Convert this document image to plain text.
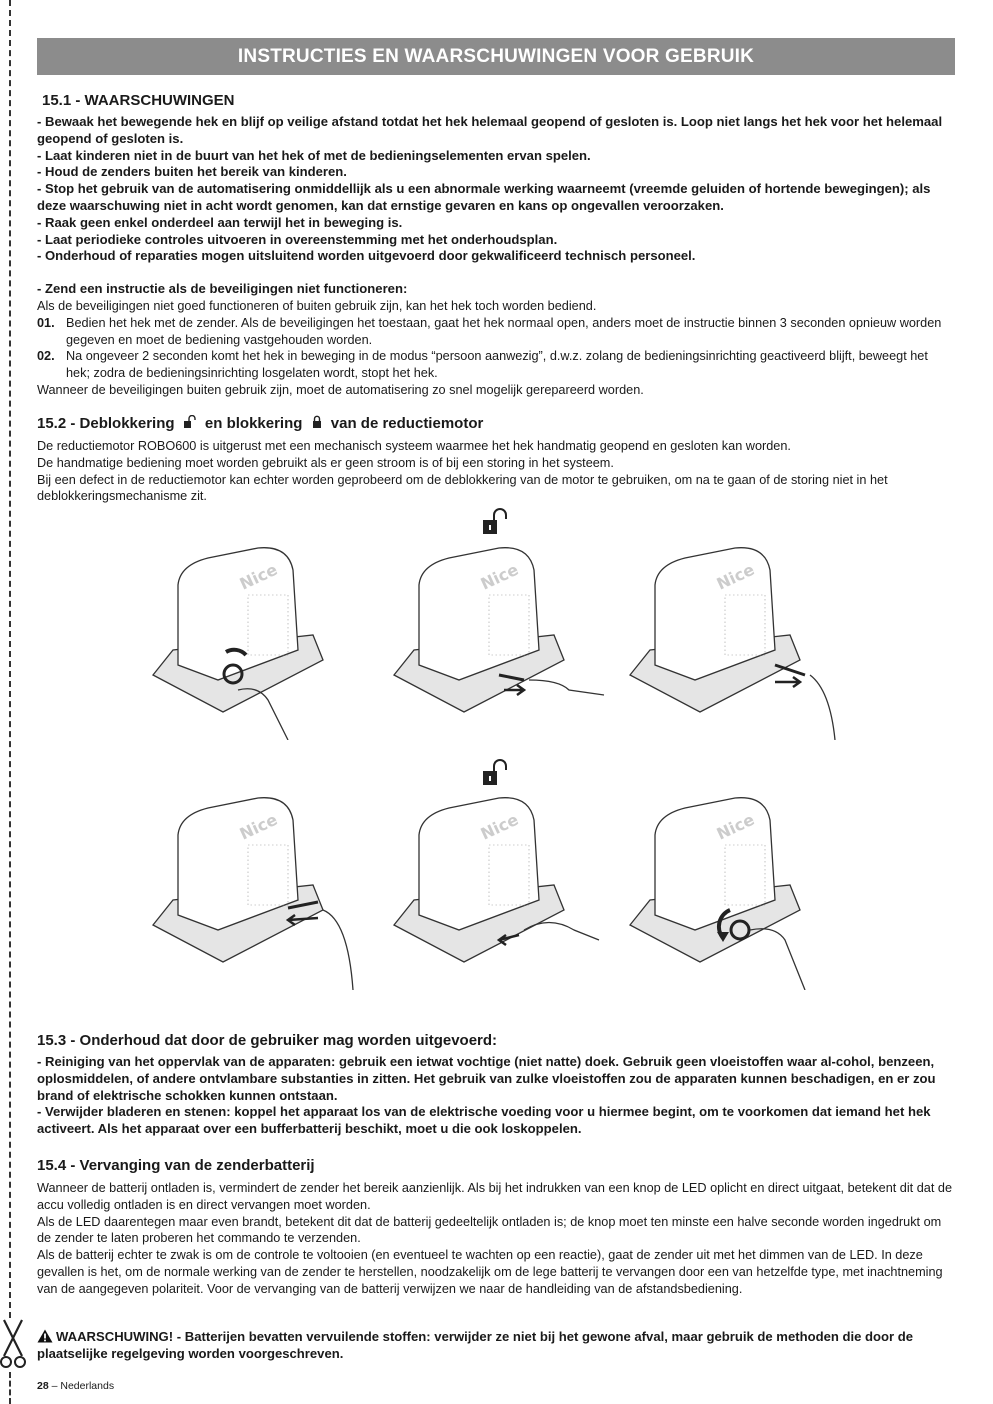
INSTRUCTIES EN WAARSCHUWINGEN VOOR GEBRUIK
15.1 - WAARSCHUWINGEN

- Bewaak het bewegende hek en blijf op veilige afstand totdat het hek helemaal geopend of gesloten is. Loop niet langs het hek voor het helemaal geopend of gesloten is.

- Laat kinderen niet in de buurt van het hek of met de bedieningselementen ervan spelen.

- Houd de zenders buiten het bereik van kinderen.

- Stop het gebruik van de automatisering onmiddellijk als u een abnormale werking waarneemt (vreemde geluiden of hortende bewegingen); als deze waarschuwing niet in acht wordt genomen, kan dat ernstige gevaren en kans op ongevallen veroorzaken.

- Raak geen enkel onderdeel aan terwijl het in beweging is.

- Laat periodieke controles uitvoeren in overeenstemming met het onderhoudsplan.

- Onderhoud of reparaties mogen uitsluitend worden uitgevoerd door gekwalificeerd technisch personeel.

- Zend een instructie als de beveiligingen niet functioneren:

Als de beveiligingen niet goed functioneren of buiten gebruik zijn, kan het hek toch worden bediend.

01. Bedien het hek met de zender. Als de beveiligingen het toestaan, gaat het hek normaal open, anders moet de instructie binnen 3 seconden opnieuw worden gegeven en moet de bediening vastgehouden worden.
02. Na ongeveer 2 seconden komt het hek in beweging in de modus “persoon aanwezig”, d.w.z. zolang de bedieningsinrichting geactiveerd blijft, beweegt het hek; zodra de bedieningsinrichting losgelaten wordt, stopt het hek.

Wanneer de beveiligingen buiten gebruik zijn, moet de automatisering zo snel mogelijk gerepareerd worden.

15.2 - Deblokkering en blokkering van de reductiemotor

De reductiemotor ROBO600 is uitgerust met een mechanisch systeem waarmee het hek handmatig geopend en gesloten kan worden.

De handmatige bediening moet worden gebruikt als er geen stroom is of bij een storing in het systeem.

Bij een defect in de reductiemotor kan echter worden geprobeerd om de deblokkering van de motor te gebruiken, om na te gaan of de storing niet in het deblokkeringsmechanisme zit.

Nice	Nice	Nice
Nice	Nice	Nice
15.3 - Onderhoud dat door de gebruiker mag worden uitgevoerd:

- Reiniging van het oppervlak van de apparaten: gebruik een ietwat vochtige (niet natte) doek. Gebruik geen vloeistoffen waar al-cohol, benzeen, oplosmiddelen, of andere ontvlambare substanties in zitten. Het gebruik van zulke vloeistoffen zou de apparaten kunnen beschadigen, en er zou brand of elektrische schokken kunnen ontstaan.

- Verwijder bladeren en stenen: koppel het apparaat los van de elektrische voeding voor u hiermee begint, om te voorkomen dat iemand het hek activeert. Als het apparaat over een bufferbatterij beschikt, moet u die ook loskoppelen.

15.4 - Vervanging van de zenderbatterij

Wanneer de batterij ontladen is, vermindert de zender het bereik aanzienlijk. Als bij het indrukken van een knop de LED oplicht en direct uitgaat, betekent dit dat de accu volledig ontladen is en direct vervangen moet worden.

Als de LED daarentegen maar even brandt, betekent dit dat de batterij gedeeltelijk ontladen is; de knop moet ten minste een halve seconde worden ingedrukt om de zender te laten proberen het commando te verzenden.

Als de batterij echter te zwak is om de controle te voltooien (en eventueel te wachten op een reactie), gaat de zender uit met het dimmen van de LED. In deze gevallen is het, om de normale werking van de zender te herstellen, noodzakelijk om de lege batterij te vervangen door een van hetzelfde type, met inachtneming van de aangegeven polariteit. Voor de vervanging van de batterij verwijzen we naar de handleiding van de afstandsbediening.

WAARSCHUWING! - Batterijen bevatten vervuilende stoffen: verwijder ze niet bij het gewone afval, maar gebruik de methoden die door de plaatselijke regelgeving worden voorgeschreven.

28 – Nederlands
